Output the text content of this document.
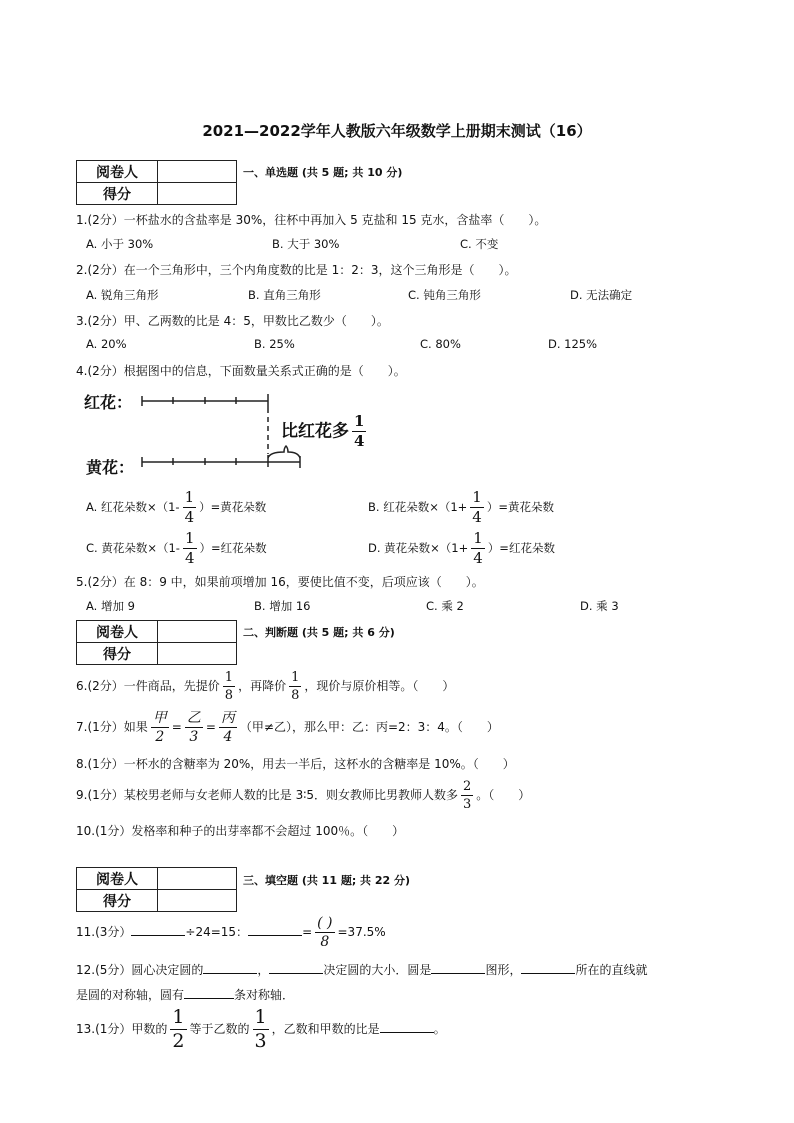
2021—2022学年人教版六年级数学上册期末测试（16）
阅卷人	
得分	
一、单选题 (共 5 题; 共 10 分)
1.(2分）一杯盐水的含盐率是 30%，往杯中再加入 5 克盐和 15 克水，含盐率（　　）。
A. 小于 30%	B. 大于 30%	C. 不变
2.(2分）在一个三角形中，三个内角度数的比是 1：2：3，这个三角形是（　　）。
A. 锐角三角形	B. 直角三角形	C. 钝角三角形	D. 无法确定
3.(2分）甲、乙两数的比是 4：5，甲数比乙数少（　　）。
A. 20%	B. 25%	C. 80%	D. 125%
4.(2分）根据图中的信息，下面数量关系式正确的是（　　）。
红花：
黄花：
比红花多 $\frac{1}{4}$
A. 红花朵数$\times(1- \frac{1}{4}$ ）=黄花朵数	B. 红花朵数$\times(1+ \frac{1}{4}$ ）=黄花朵数
C. 黄花朵数$\times(1- \frac{1}{4}$ ）=红花朵数	D. 黄花朵数$\times(1+ \frac{1}{4}$ ）=红花朵数
5.(2分）在 8：9 中，如果前项增加 16，要使比值不变，后项应该（　　）。
A. 增加 9	B. 增加 16	C. 乘 2	D. 乘 3
阅卷人	
得分	
二、判断题 (共 5 题; 共 6 分)
6.(2分）一件商品，先提价 $\frac{1}{8}$ ，再降价 $\frac{1}{8}$ ，现价与原价相等。（　　）
7.(1分）如果 $\frac{\text{甲}}{2} = \frac{\text{乙}}{3} = \frac{\text{丙}}{4}$ （甲≠乙），那么甲：乙：丙=2：3：4。（　　）
8.(1分）一杯水的含糖率为 20%，用去一半后，这杯水的含糖率是 10%。（　　）
9.(1分）某校男老师与女老师人数的比是 3∶5．则女教师比男教师人数多 $\frac{2}{3}$ 。（　　）
10.(1分）发格率和种子的出芽率都不会超过 100％。（　　）
阅卷人	
得分	
三、填空题 (共 11 题; 共 22 分)
11.(3分）	÷24=15：	= $\frac{( )}{8} =37.5\%$
12.(5分）圆心决定圆的	，	决定圆的大小．圆是	图形，	所在的直线就
是圆的对称轴，圆有	条对称轴．
13.(1分）甲数的 $\frac{1}{2}$ 等于乙数的 $\frac{1}{3}$ ，乙数和甲数的比是	。
